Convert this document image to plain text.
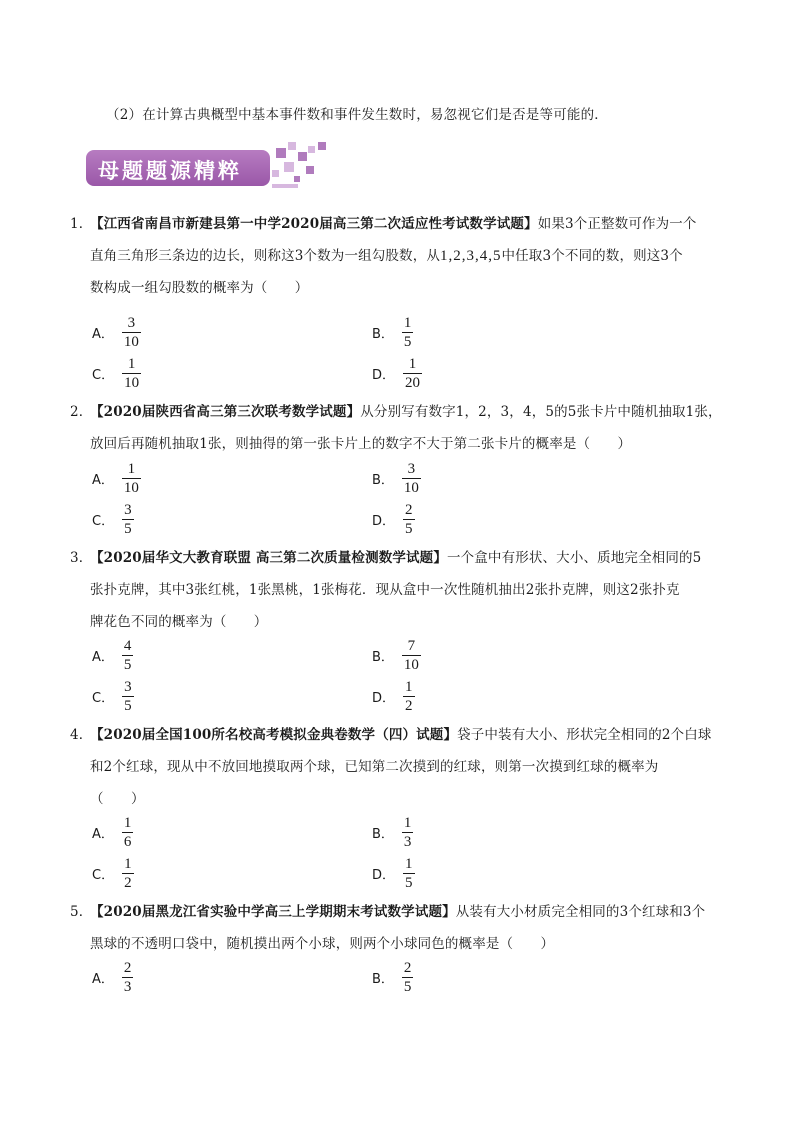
（2）在计算古典概型中基本事件数和事件发生数时，易忽视它们是否是等可能的．
母题题源精粹
1．【江西省南昌市新建县第一中学2020届高三第二次适应性考试数学试题】如果3个正整数可作为一个
直角三角形三条边的边长，则称这3个数为一组勾股数，从1,2,3,4,5中任取3个不同的数，则这3个
数构成一组勾股数的概率为（　　）
A． $\frac{3}{10}$	B． $\frac{1}{5}$
C． $\frac{1}{10}$	D． $\frac{1}{20}$
2．【2020届陕西省高三第三次联考数学试题】从分别写有数字1，2，3，4，5的5张卡片中随机抽取1张，
放回后再随机抽取1张，则抽得的第一张卡片上的数字不大于第二张卡片的概率是（　　）
A． $\frac{1}{10}$	B． $\frac{3}{10}$
C． $\frac{3}{5}$	D． $\frac{2}{5}$
3．【2020届华文大教育联盟 高三第二次质量检测数学试题】一个盒中有形状、大小、质地完全相同的5
张扑克牌，其中3张红桃，1张黑桃，1张梅花．现从盒中一次性随机抽出2张扑克牌，则这2张扑克
牌花色不同的概率为（　　）
A． $\frac{4}{5}$	B． $\frac{7}{10}$
C． $\frac{3}{5}$	D． $\frac{1}{2}$
4．【2020届全国100所名校高考模拟金典卷数学（四）试题】袋子中装有大小、形状完全相同的2个白球
和2个红球，现从中不放回地摸取两个球，已知第二次摸到的红球，则第一次摸到红球的概率为
（　　）
A． $\frac{1}{6}$	B． $\frac{1}{3}$
C． $\frac{1}{2}$	D． $\frac{1}{5}$
5．【2020届黑龙江省实验中学高三上学期期末考试数学试题】从装有大小材质完全相同的3个红球和3个
黑球的不透明口袋中，随机摸出两个小球，则两个小球同色的概率是（　　）
A． $\frac{2}{3}$	B． $\frac{2}{5}$
